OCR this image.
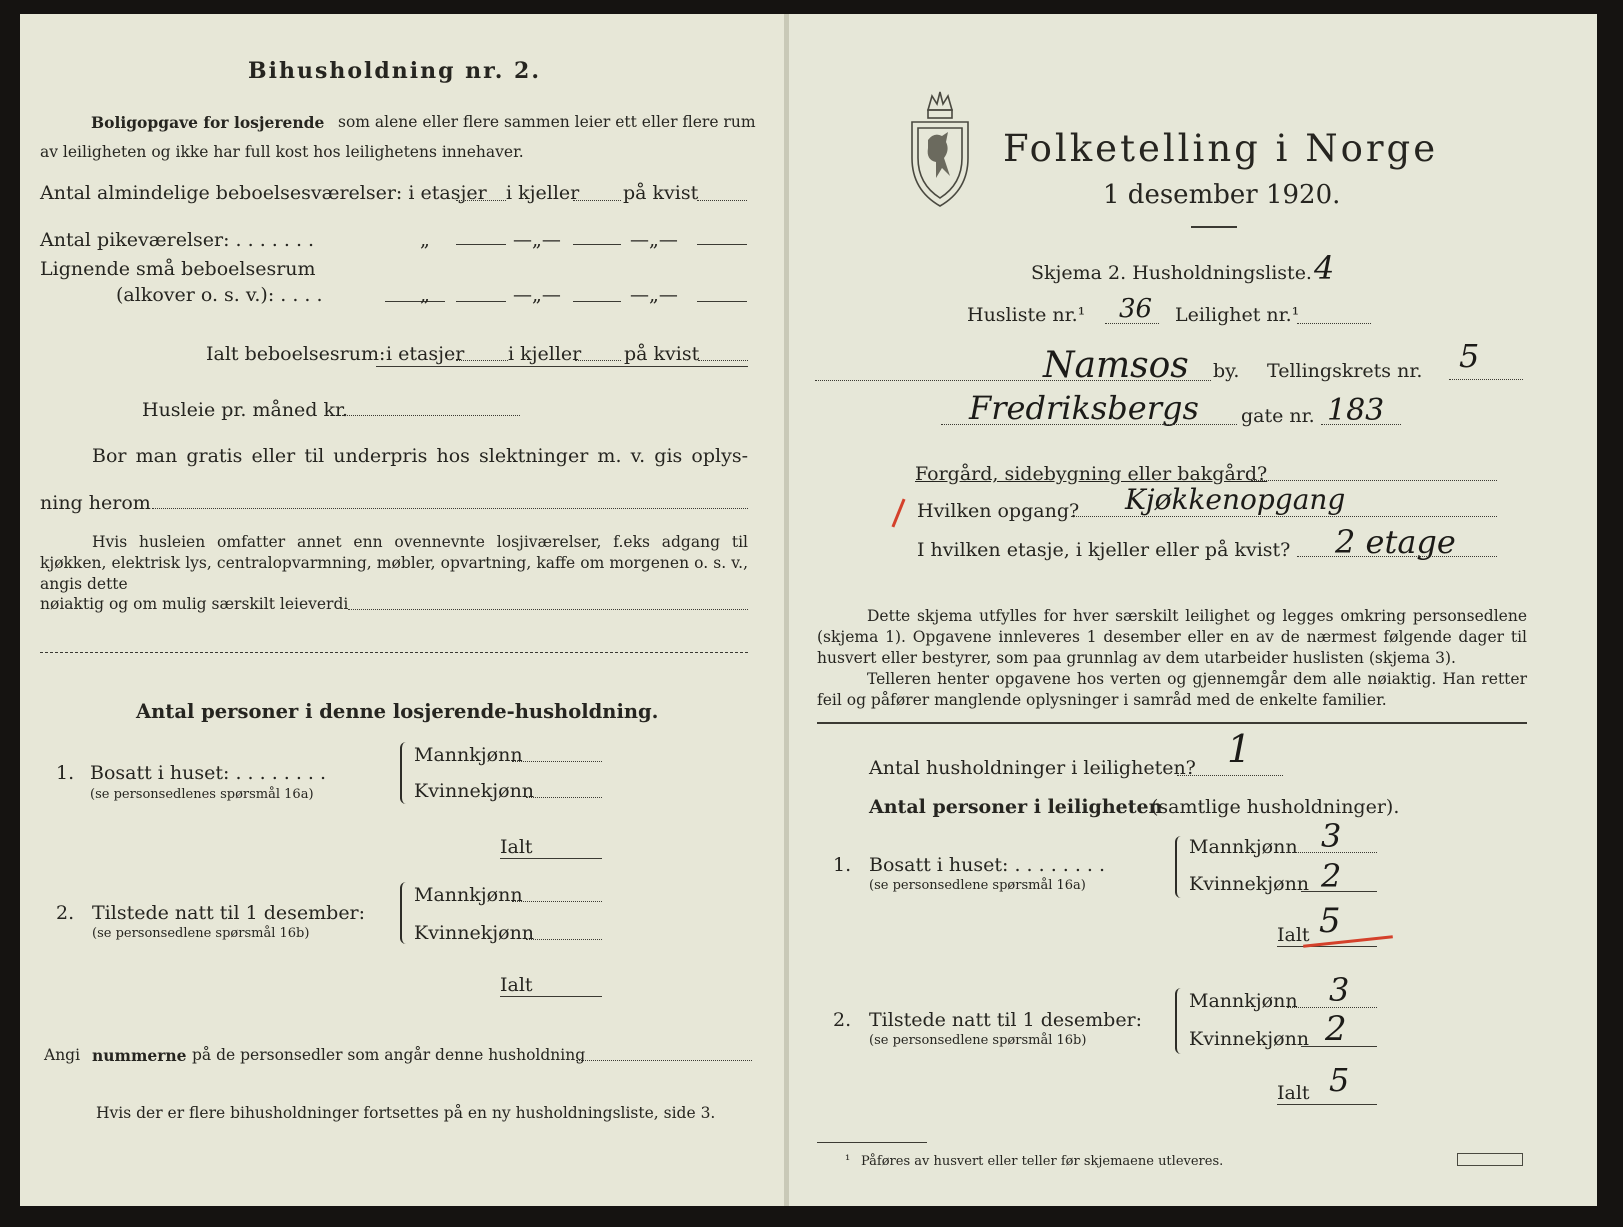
Bihusholdning nr. 2.
Boligopgave for losjerende som alene eller flere sammen leier ett eller flere rum
av leiligheten og ikke har full kost hos leilighetens innehaver.
Antal almindelige beboelsesværelser: i etasjer i kjeller på kvist
Antal pikeværelser: . . . . . . .	„	—„—	—„—
Lignende små beboelsesrum
(alkover o. s. v.): . . . .	„	—„—	—„—
Ialt beboelsesrum: i etasjer i kjeller på kvist
Husleie pr. måned kr.
Bor man gratis eller til underpris hos slektninger m. v. gis oplys-
ning herom
Hvis husleien omfatter annet enn ovennevnte losjiværelser, f.eks adgang til kjøkken, elektrisk lys, centralopvarmning, møbler, opvartning, kaffe om morgenen o. s. v., angis dette
nøiaktig og om mulig særskilt leieverdi
Antal personer i denne losjerende-husholdning.
1. Bosatt i huset: . . . . . . . .
(se personsedlenes spørsmål 16a)
Mannkjønn
Kvinnekjønn
Ialt
2. Tilstede natt til 1 desember:
(se personsedlene spørsmål 16b)
Mannkjønn
Kvinnekjønn
Ialt
Angi nummerne på de personsedler som angår denne husholdning
Hvis der er flere bihusholdninger fortsettes på en ny husholdningsliste, side 3.
Folketelling i Norge
1 desember 1920.
Skjema 2. Husholdningsliste. 4
Husliste nr.¹ 36 Leilighet nr.¹
Namsos by. Tellingskrets nr. 5
Fredriksbergs gate nr. 183
Forgård, sidebygning eller bakgård?
Hvilken opgang? Kjøkkenopgang
I hvilken etasje, i kjeller eller på kvist? 2 etage
Dette skjema utfylles for hver særskilt leilighet og legges omkring personsedlene (skjema 1). Opgavene innleveres 1 desember eller en av de nærmest følgende dager til husvert eller bestyrer, som paa grunnlag av dem utarbeider huslisten (skjema 3).
Telleren henter opgavene hos verten og gjennemgår dem alle nøiaktig. Han retter feil og påfører manglende oplysninger i samråd med de enkelte familier.
Antal husholdninger i leiligheten? 1
Antal personer i leiligheten
(samtlige husholdninger).
1. Bosatt i huset: . . . . . . . .
(se personsedlene spørsmål 16a)
Mannkjønn 3
Kvinnekjønn 2
Ialt 5
2. Tilstede natt til 1 desember:
(se personsedlene spørsmål 16b)
Mannkjønn 3
Kvinnekjønn 2
Ialt 5
¹ Påføres av husvert eller teller før skjemaene utleveres.
